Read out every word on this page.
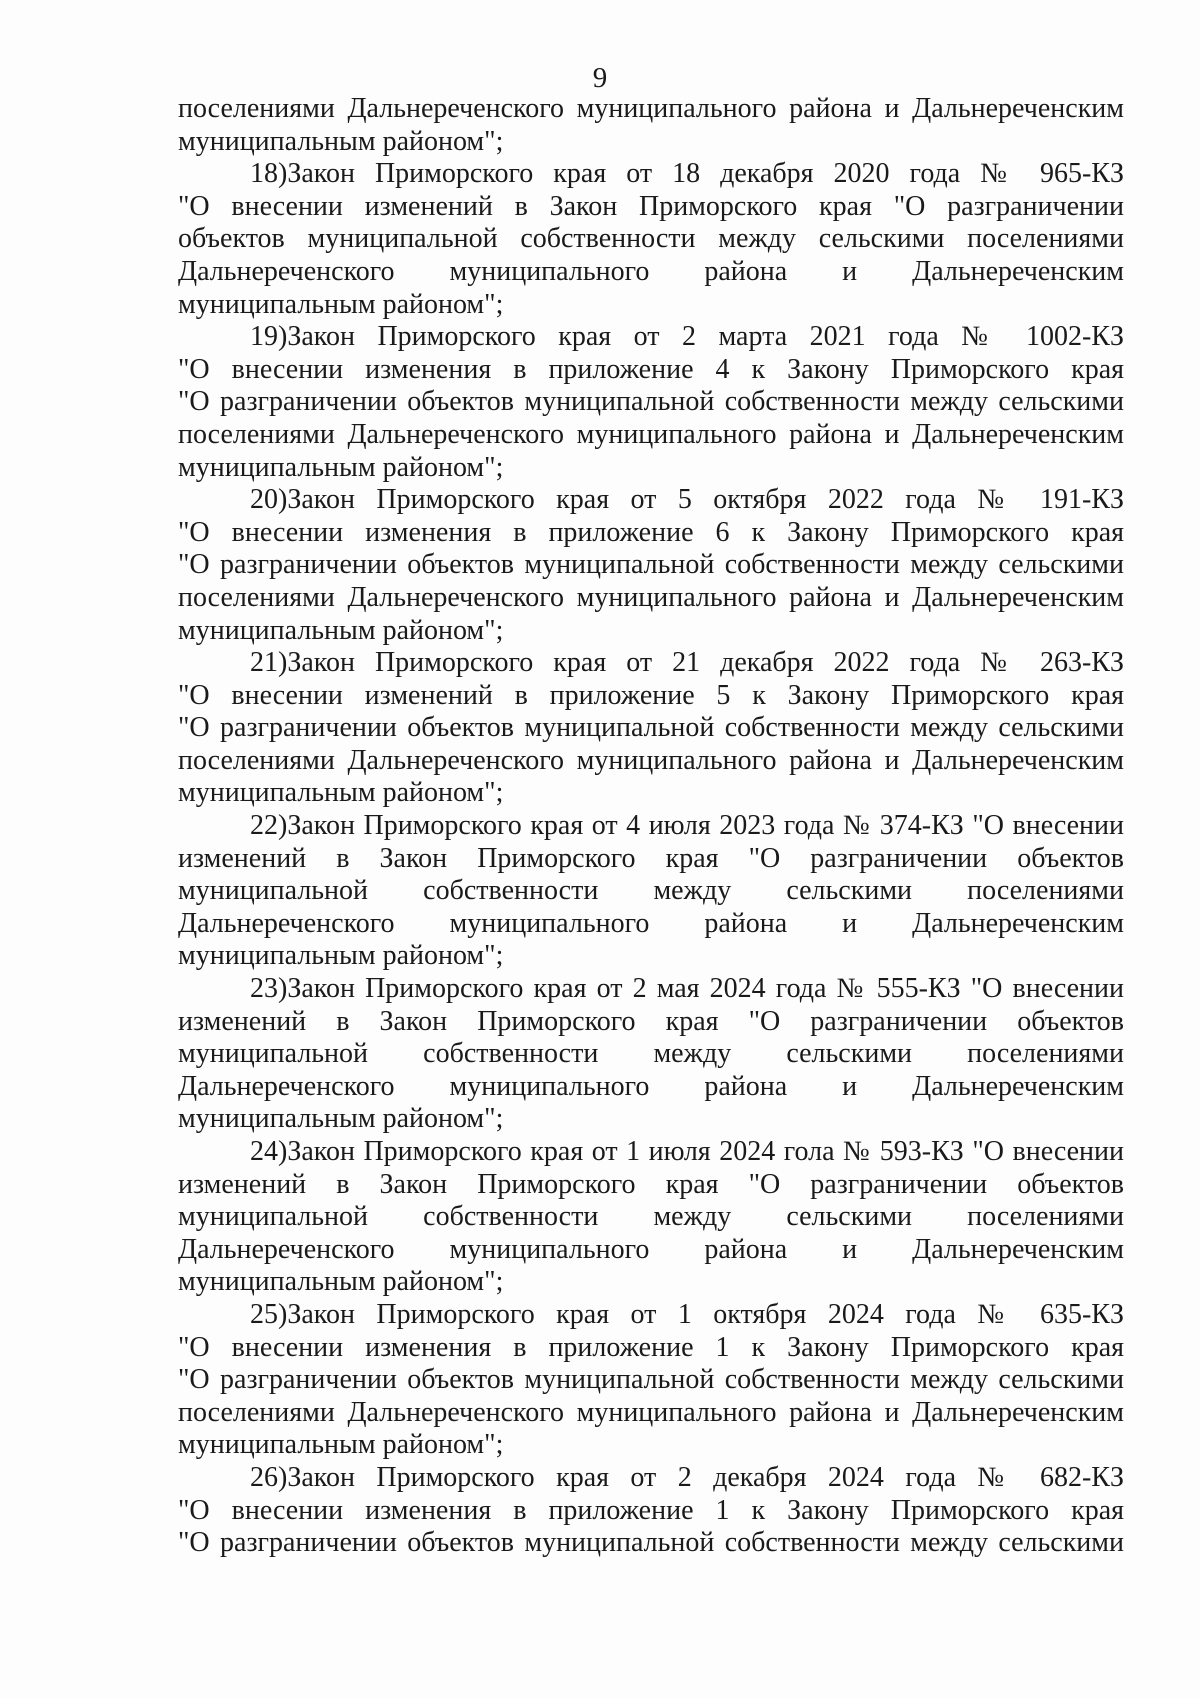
9
поселениями Дальнереченского муниципального района и Дальнереченским
муниципальным районом";
18)Закон Приморского края от 18 декабря 2020 года № 965-КЗ
"О внесении изменений в Закон Приморского края "О разграничении
объектов муниципальной собственности между сельскими поселениями
Дальнереченского муниципального района и Дальнереченским
муниципальным районом";
19)Закон Приморского края от 2 марта 2021 года № 1002-КЗ
"О внесении изменения в приложение 4 к Закону Приморского края
"О разграничении объектов муниципальной собственности между сельскими
поселениями Дальнереченского муниципального района и Дальнереченским
муниципальным районом";
20)Закон Приморского края от 5 октября 2022 года № 191-КЗ
"О внесении изменения в приложение 6 к Закону Приморского края
"О разграничении объектов муниципальной собственности между сельскими
поселениями Дальнереченского муниципального района и Дальнереченским
муниципальным районом";
21)Закон Приморского края от 21 декабря 2022 года № 263-КЗ
"О внесении изменений в приложение 5 к Закону Приморского края
"О разграничении объектов муниципальной собственности между сельскими
поселениями Дальнереченского муниципального района и Дальнереченским
муниципальным районом";
22)Закон Приморского края от 4 июля 2023 года № 374-КЗ "О внесении
изменений в Закон Приморского края "О разграничении объектов
муниципальной собственности между сельскими поселениями
Дальнереченского муниципального района и Дальнереченским
муниципальным районом";
23)Закон Приморского края от 2 мая 2024 года № 555-КЗ "О внесении
изменений в Закон Приморского края "О разграничении объектов
муниципальной собственности между сельскими поселениями
Дальнереченского муниципального района и Дальнереченским
муниципальным районом";
24)Закон Приморского края от 1 июля 2024 гола № 593-КЗ "О внесении
изменений в Закон Приморского края "О разграничении объектов
муниципальной собственности между сельскими поселениями
Дальнереченского муниципального района и Дальнереченским
муниципальным районом";
25)Закон Приморского края от 1 октября 2024 года № 635-КЗ
"О внесении изменения в приложение 1 к Закону Приморского края
"О разграничении объектов муниципальной собственности между сельскими
поселениями Дальнереченского муниципального района и Дальнереченским
муниципальным районом";
26)Закон Приморского края от 2 декабря 2024 года № 682-КЗ
"О внесении изменения в приложение 1 к Закону Приморского края
"О разграничении объектов муниципальной собственности между сельскими
